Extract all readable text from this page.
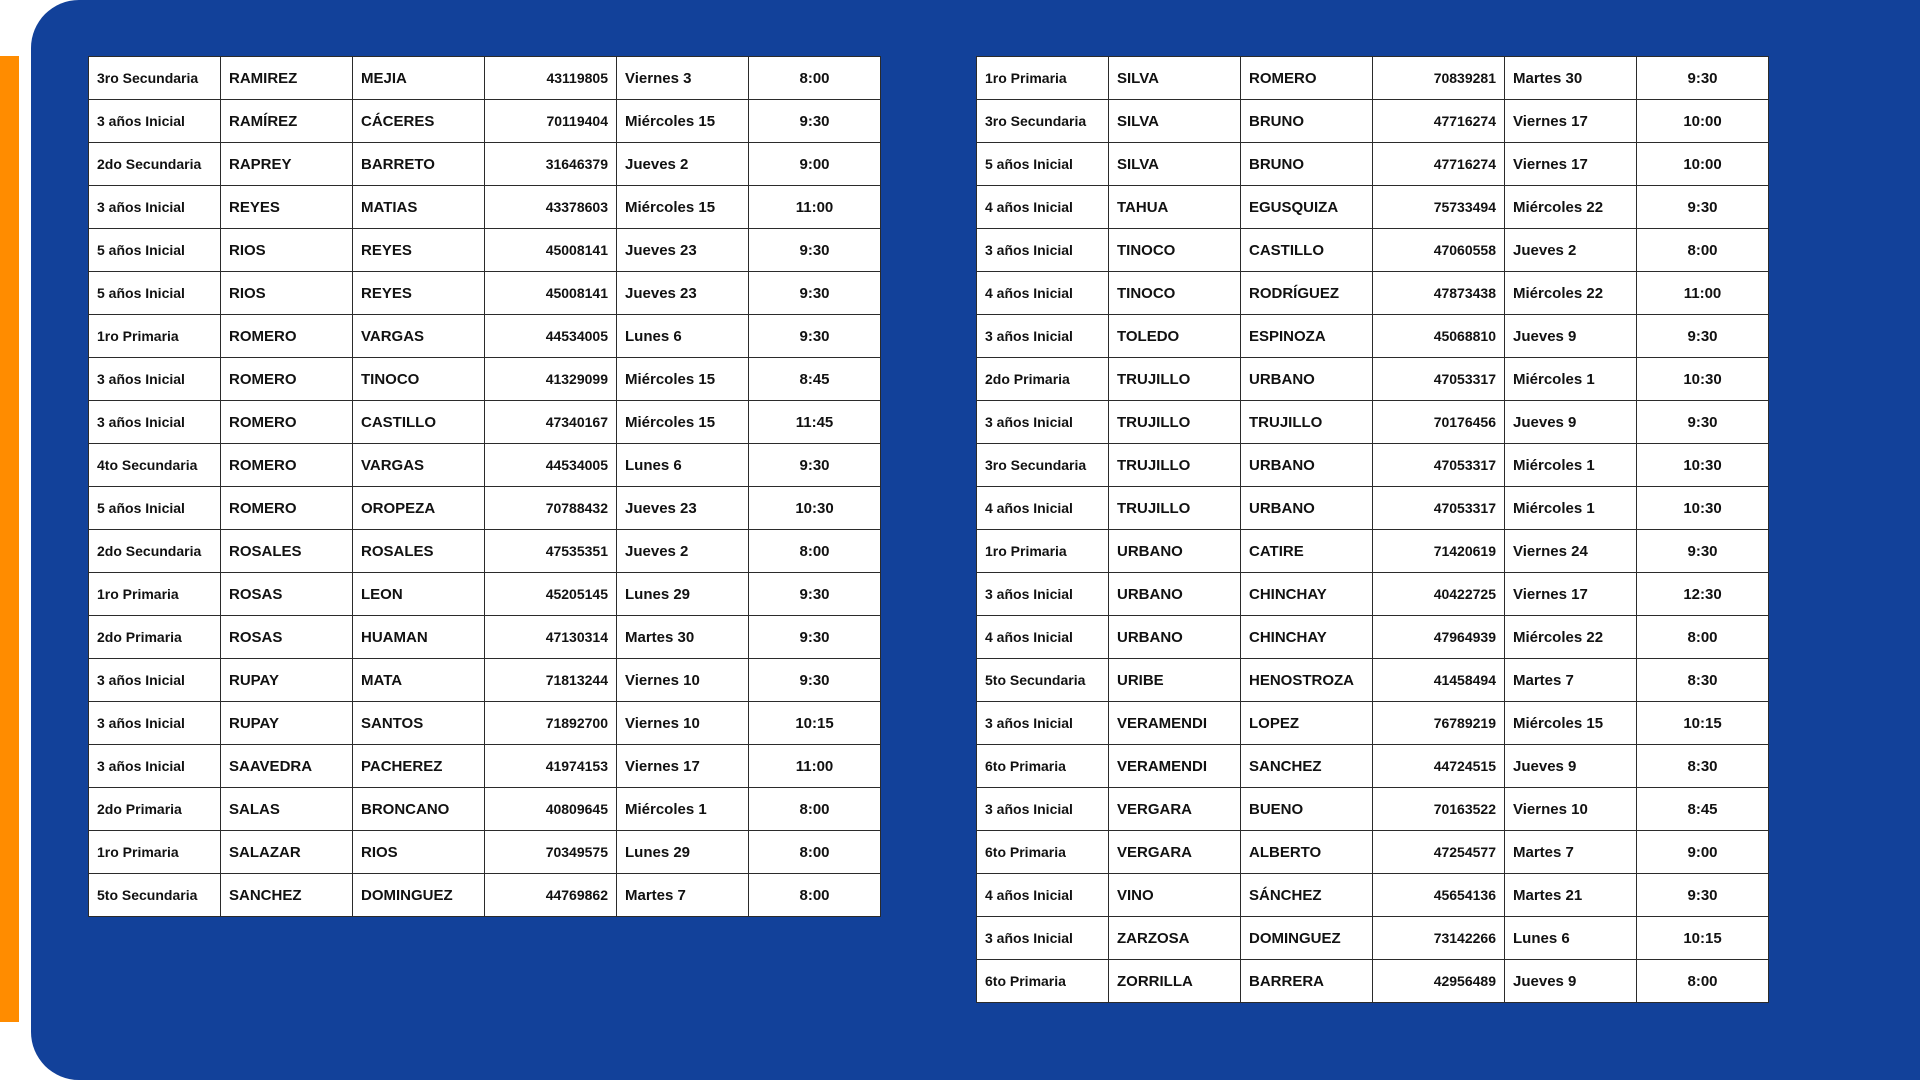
3ro Secundaria	RAMIREZ	MEJIA	43119805	Viernes 3	8:00
3 años Inicial	RAMÍREZ	CÁCERES	70119404	Miércoles 15	9:30
2do Secundaria	RAPREY	BARRETO	31646379	Jueves 2	9:00
3 años Inicial	REYES	MATIAS	43378603	Miércoles 15	11:00
5 años Inicial	RIOS	REYES	45008141	Jueves 23	9:30
5 años Inicial	RIOS	REYES	45008141	Jueves 23	9:30
1ro Primaria	ROMERO	VARGAS	44534005	Lunes 6	9:30
3 años Inicial	ROMERO	TINOCO	41329099	Miércoles 15	8:45
3 años Inicial	ROMERO	CASTILLO	47340167	Miércoles 15	11:45
4to Secundaria	ROMERO	VARGAS	44534005	Lunes 6	9:30
5 años Inicial	ROMERO	OROPEZA	70788432	Jueves 23	10:30
2do Secundaria	ROSALES	ROSALES	47535351	Jueves 2	8:00
1ro Primaria	ROSAS	LEON	45205145	Lunes 29	9:30
2do Primaria	ROSAS	HUAMAN	47130314	Martes 30	9:30
3 años Inicial	RUPAY	MATA	71813244	Viernes 10	9:30
3 años Inicial	RUPAY	SANTOS	71892700	Viernes 10	10:15
3 años Inicial	SAAVEDRA	PACHEREZ	41974153	Viernes 17	11:00
2do Primaria	SALAS	BRONCANO	40809645	Miércoles 1	8:00
1ro Primaria	SALAZAR	RIOS	70349575	Lunes 29	8:00
5to Secundaria	SANCHEZ	DOMINGUEZ	44769862	Martes 7	8:00
1ro Primaria	SILVA	ROMERO	70839281	Martes 30	9:30
3ro Secundaria	SILVA	BRUNO	47716274	Viernes 17	10:00
5 años Inicial	SILVA	BRUNO	47716274	Viernes 17	10:00
4 años Inicial	TAHUA	EGUSQUIZA	75733494	Miércoles 22	9:30
3 años Inicial	TINOCO	CASTILLO	47060558	Jueves 2	8:00
4 años Inicial	TINOCO	RODRÍGUEZ	47873438	Miércoles 22	11:00
3 años Inicial	TOLEDO	ESPINOZA	45068810	Jueves 9	9:30
2do Primaria	TRUJILLO	URBANO	47053317	Miércoles 1	10:30
3 años Inicial	TRUJILLO	TRUJILLO	70176456	Jueves 9	9:30
3ro Secundaria	TRUJILLO	URBANO	47053317	Miércoles 1	10:30
4 años Inicial	TRUJILLO	URBANO	47053317	Miércoles 1	10:30
1ro Primaria	URBANO	CATIRE	71420619	Viernes 24	9:30
3 años Inicial	URBANO	CHINCHAY	40422725	Viernes 17	12:30
4 años Inicial	URBANO	CHINCHAY	47964939	Miércoles 22	8:00
5to Secundaria	URIBE	HENOSTROZA	41458494	Martes 7	8:30
3 años Inicial	VERAMENDI	LOPEZ	76789219	Miércoles 15	10:15
6to Primaria	VERAMENDI	SANCHEZ	44724515	Jueves 9	8:30
3 años Inicial	VERGARA	BUENO	70163522	Viernes 10	8:45
6to Primaria	VERGARA	ALBERTO	47254577	Martes 7	9:00
4 años Inicial	VINO	SÁNCHEZ	45654136	Martes 21	9:30
3 años Inicial	ZARZOSA	DOMINGUEZ	73142266	Lunes 6	10:15
6to Primaria	ZORRILLA	BARRERA	42956489	Jueves 9	8:00
